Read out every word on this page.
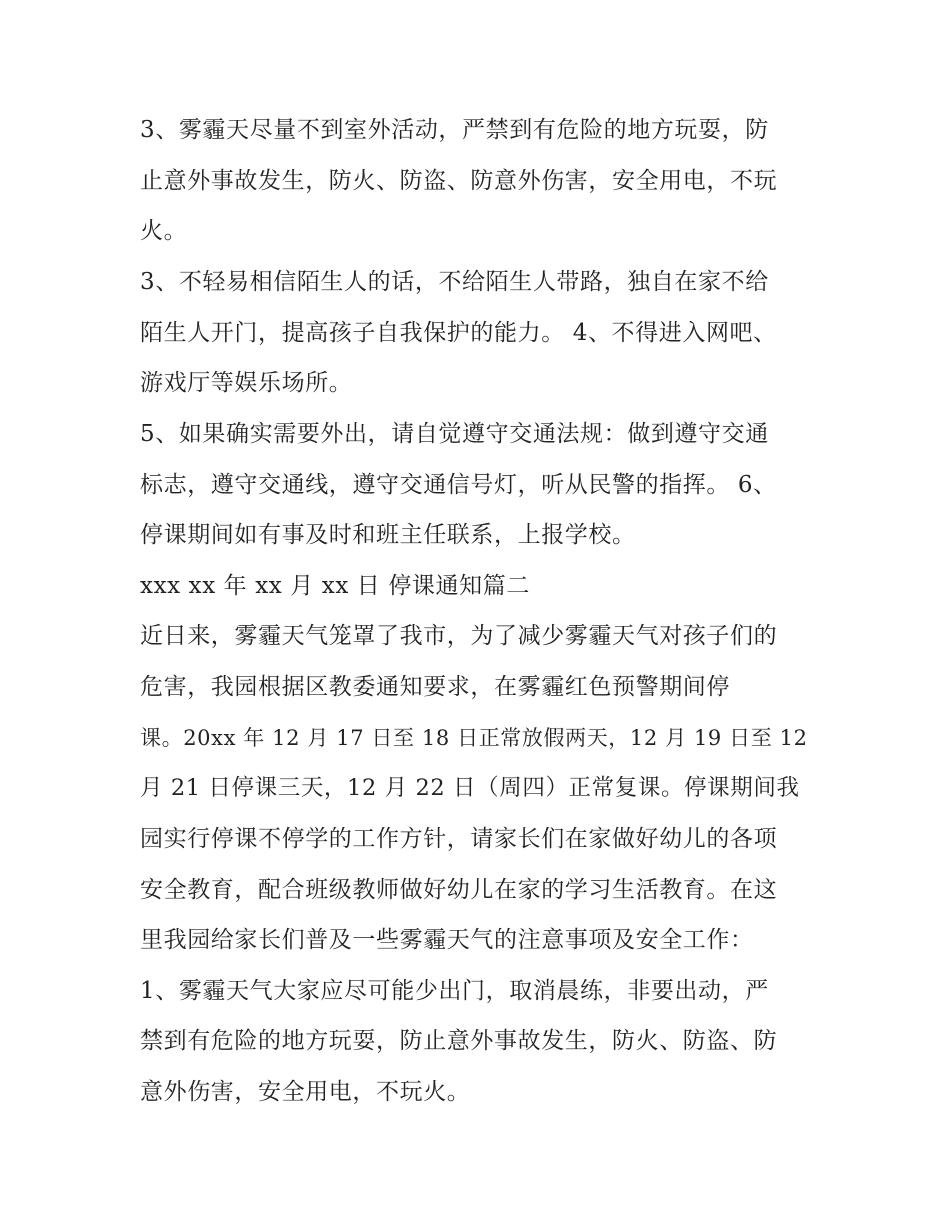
3、雾霾天尽量不到室外活动，严禁到有危险的地方玩耍，防
止意外事故发生，防火、防盗、防意外伤害，安全用电，不玩
火。
3、不轻易相信陌生人的话，不给陌生人带路，独自在家不给
陌生人开门，提高孩子自我保护的能力。 4、不得进入网吧、
游戏厅等娱乐场所。
5、如果确实需要外出，请自觉遵守交通法规：做到遵守交通
标志，遵守交通线，遵守交通信号灯，听从民警的指挥。 6、
停课期间如有事及时和班主任联系，上报学校。
xxx xx 年 xx 月 xx 日 停课通知篇二
近日来，雾霾天气笼罩了我市，为了减少雾霾天气对孩子们的
危害，我园根据区教委通知要求，在雾霾红色预警期间停
课。20xx 年 12 月 17 日至 18 日正常放假两天，12 月 19 日至 12
月 21 日停课三天，12 月 22 日（周四）正常复课。停课期间我
园实行停课不停学的工作方针，请家长们在家做好幼儿的各项
安全教育，配合班级教师做好幼儿在家的学习生活教育。在这
里我园给家长们普及一些雾霾天气的注意事项及安全工作：
1、雾霾天气大家应尽可能少出门，取消晨练，非要出动，严
禁到有危险的地方玩耍，防止意外事故发生，防火、防盗、防
意外伤害，安全用电，不玩火。
